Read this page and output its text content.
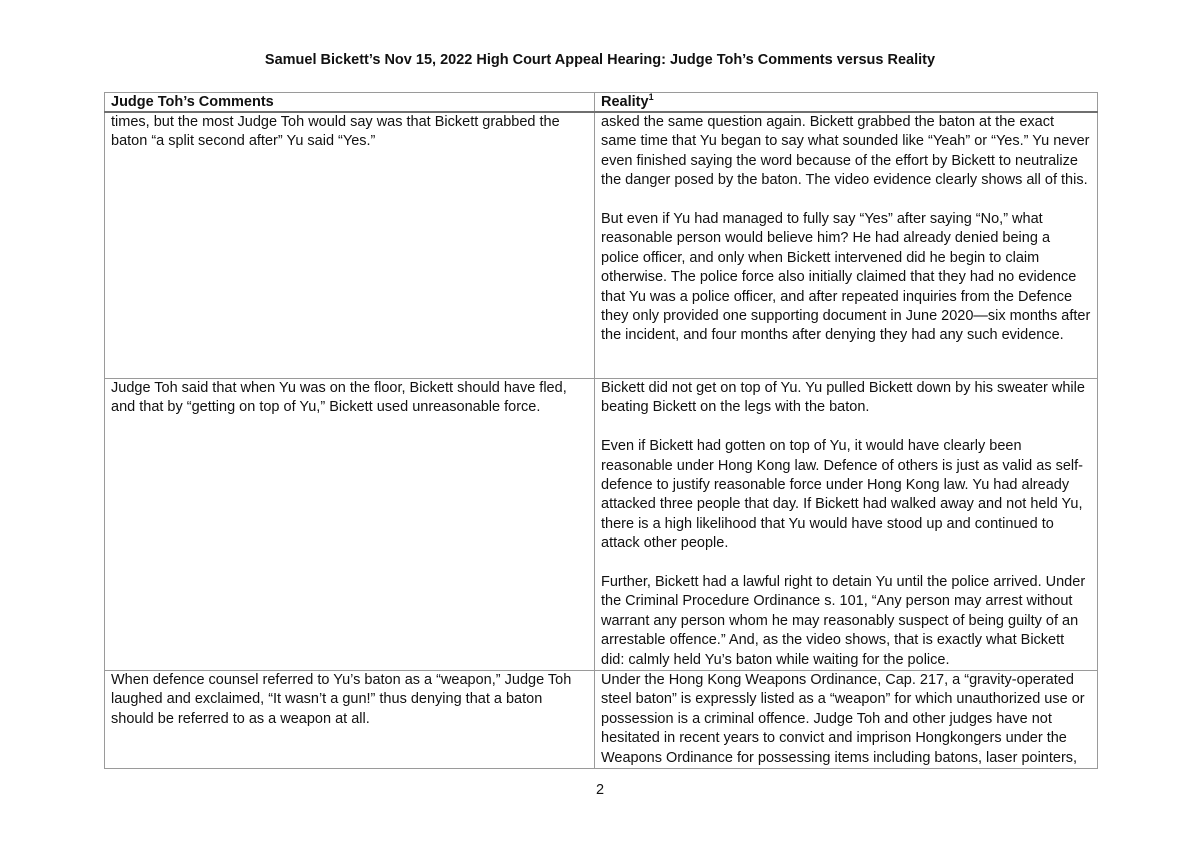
Samuel Bickett’s Nov 15, 2022 High Court Appeal Hearing: Judge Toh’s Comments versus Reality
Judge Toh’s Comments	Reality$^1$

times, but the most Judge Toh would say was that Bickett grabbed the baton “a split second after” Yu said “Yes.”	asked the same question again. Bickett grabbed the baton at the exact same time that Yu began to say what sounded like “Yeah” or “Yes.” Yu never even finished saying the word because of the effort by Bickett to neutralize the danger posed by the baton. The video evidence clearly shows all of this.

But even if Yu had managed to fully say “Yes” after saying “No,” what reasonable person would believe him? He had already denied being a police officer, and only when Bickett intervened did he begin to claim otherwise. The police force also initially claimed that they had no evidence that Yu was a police officer, and after repeated inquiries from the Defence they only provided one supporting document in June 2020—six months after the incident, and four months after denying they had any such evidence.

Judge Toh said that when Yu was on the floor, Bickett should have fled, and that by “getting on top of Yu,” Bickett used unreasonable force.	Bickett did not get on top of Yu. Yu pulled Bickett down by his sweater while beating Bickett on the legs with the baton.

Even if Bickett had gotten on top of Yu, it would have clearly been reasonable under Hong Kong law. Defence of others is just as valid as self-defence to justify reasonable force under Hong Kong law. Yu had already attacked three people that day. If Bickett had walked away and not held Yu, there is a high likelihood that Yu would have stood up and continued to attack other people.

Further, Bickett had a lawful right to detain Yu until the police arrived. Under the Criminal Procedure Ordinance s. 101, “Any person may arrest without warrant any person whom he may reasonably suspect of being guilty of an arrestable offence.” And, as the video shows, that is exactly what Bickett did: calmly held Yu’s baton while waiting for the police.

When defence counsel referred to Yu’s baton as a “weapon,” Judge Toh laughed and exclaimed, “It wasn’t a gun!” thus denying that a baton should be referred to as a weapon at all.	Under the Hong Kong Weapons Ordinance, Cap. 217, a “gravity-operated steel baton” is expressly listed as a “weapon” for which unauthorized use or possession is a criminal offence. Judge Toh and other judges have not hesitated in recent years to convict and imprison Hongkongers under the Weapons Ordinance for possessing items including batons, laser pointers,

2
